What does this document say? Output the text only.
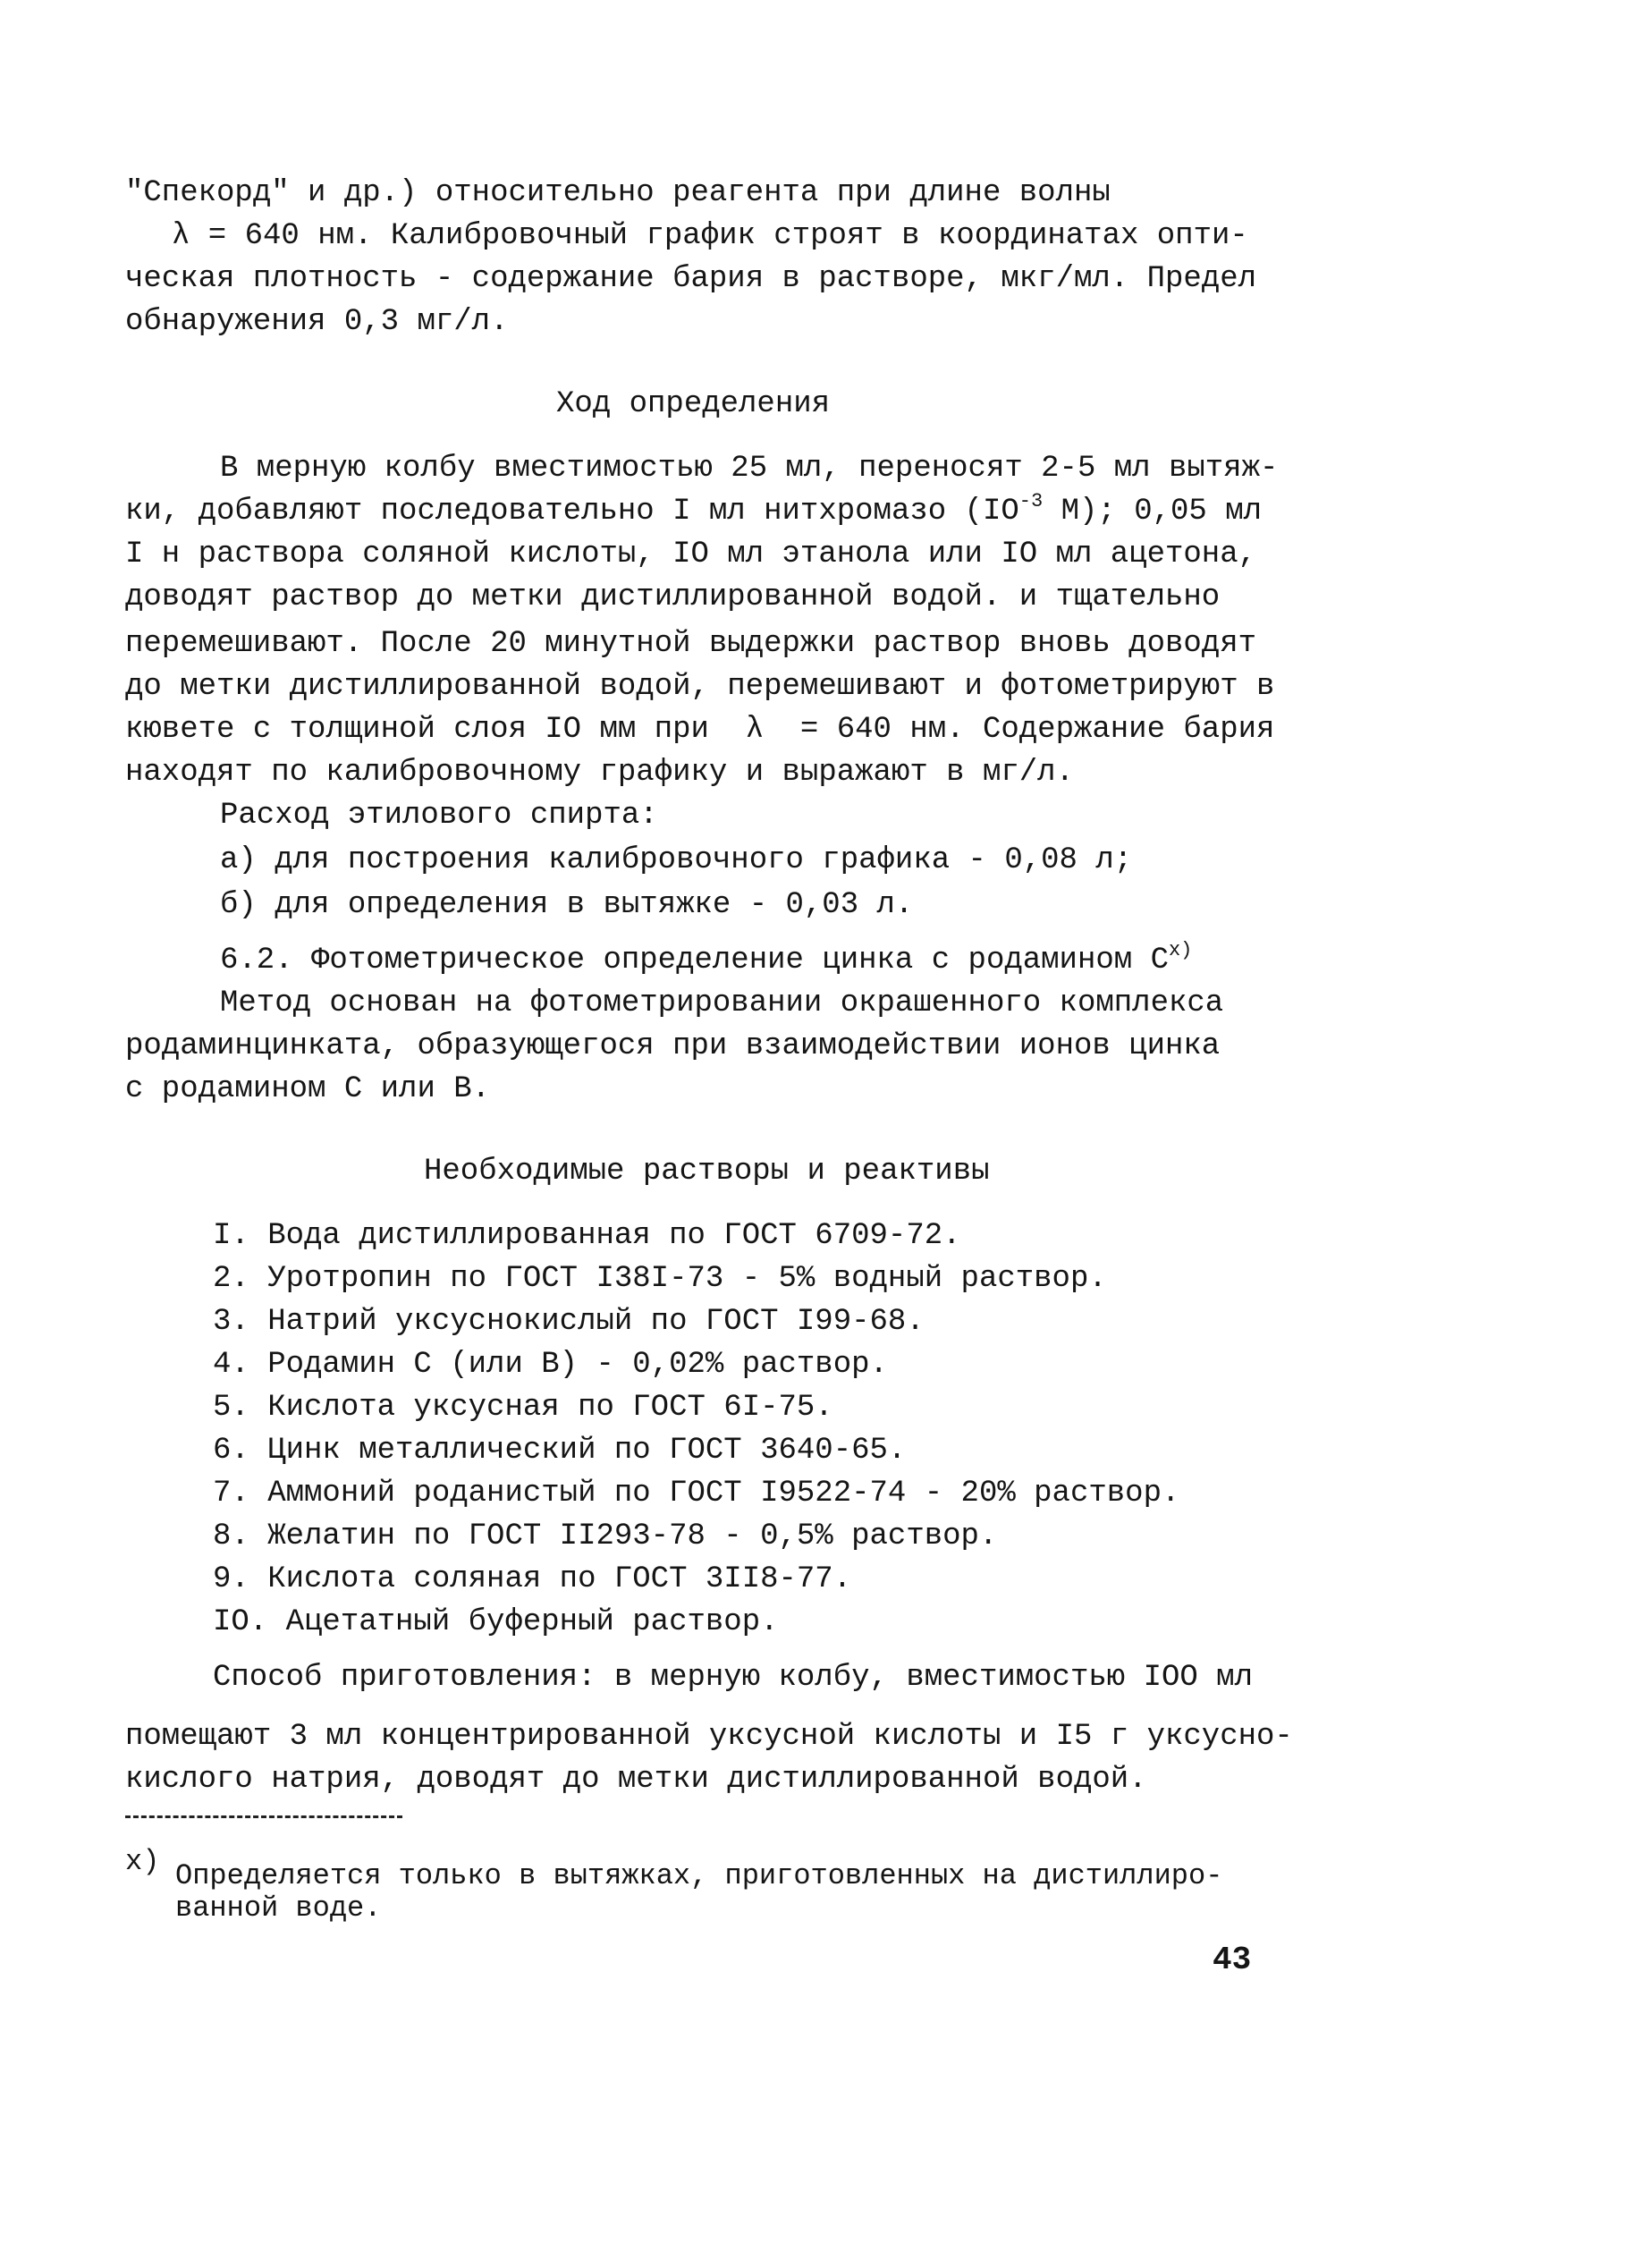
"Спекорд" и др.) относительно реагента при длине волны

λ = 640 нм. Калибровочный график строят в координатах опти-

ческая плотность - содержание бария в растворе, мкг/мл. Предел

обнаружения 0,3 мг/л.

Ход определения

В мерную колбу вместимостью 25 мл, переносят 2-5 мл вытяж-

ки, добавляют последовательно I мл нитхромазо ($IO^{-3}$ M); 0,05 мл

I н раствора соляной кислоты, IO мл этанола или IO мл ацетона,

доводят раствор до метки дистиллированной водой. и тщательно

перемешивают. После 20 минутной выдержки раствор вновь доводят

до метки дистиллированной водой, перемешивают и фотометрируют в

кювете с толщиной слоя IO мм при  λ  = 640 нм. Содержание бария

находят по калибровочному графику и выражают в мг/л.

Расход этилового спирта:

а) для построения калибровочного графика - 0,08 л;

б) для определения в вытяжке - 0,03 л.

6.2. Фотометрическое определение цинка с родамином $С^{x)}$

Метод основан на фотометрировании окрашенного комплекса

родаминцинката, образующегося при взаимодействии ионов цинка

с родамином С или В.

Необходимые растворы и реактивы

I. Вода дистиллированная по ГОСТ 6709-72.

2. Уротропин по ГОСТ I38I-73 - 5% водный раствор.

3. Натрий уксуснокислый по ГОСТ I99-68.

4. Родамин С (или В) - 0,02% раствор.

5. Кислота уксусная по ГОСТ 6I-75.

6. Цинк металлический по ГОСТ 3640-65.

7. Аммоний роданистый по ГОСТ I9522-74 - 20% раствор.

8. Желатин по ГОСТ II293-78 - 0,5% раствор.

9. Кислота соляная по ГОСТ 3II8-77.

IO. Ацетатный буферный раствор.

Способ приготовления: в мерную колбу, вместимостью IOO мл

помещают 3 мл концентрированной уксусной кислоты и I5 г уксусно-

кислого натрия, доводят до метки дистиллированной водой.

x) Определяется только в вытяжках, приготовленных на дистиллиро-

ванной воде.

43
